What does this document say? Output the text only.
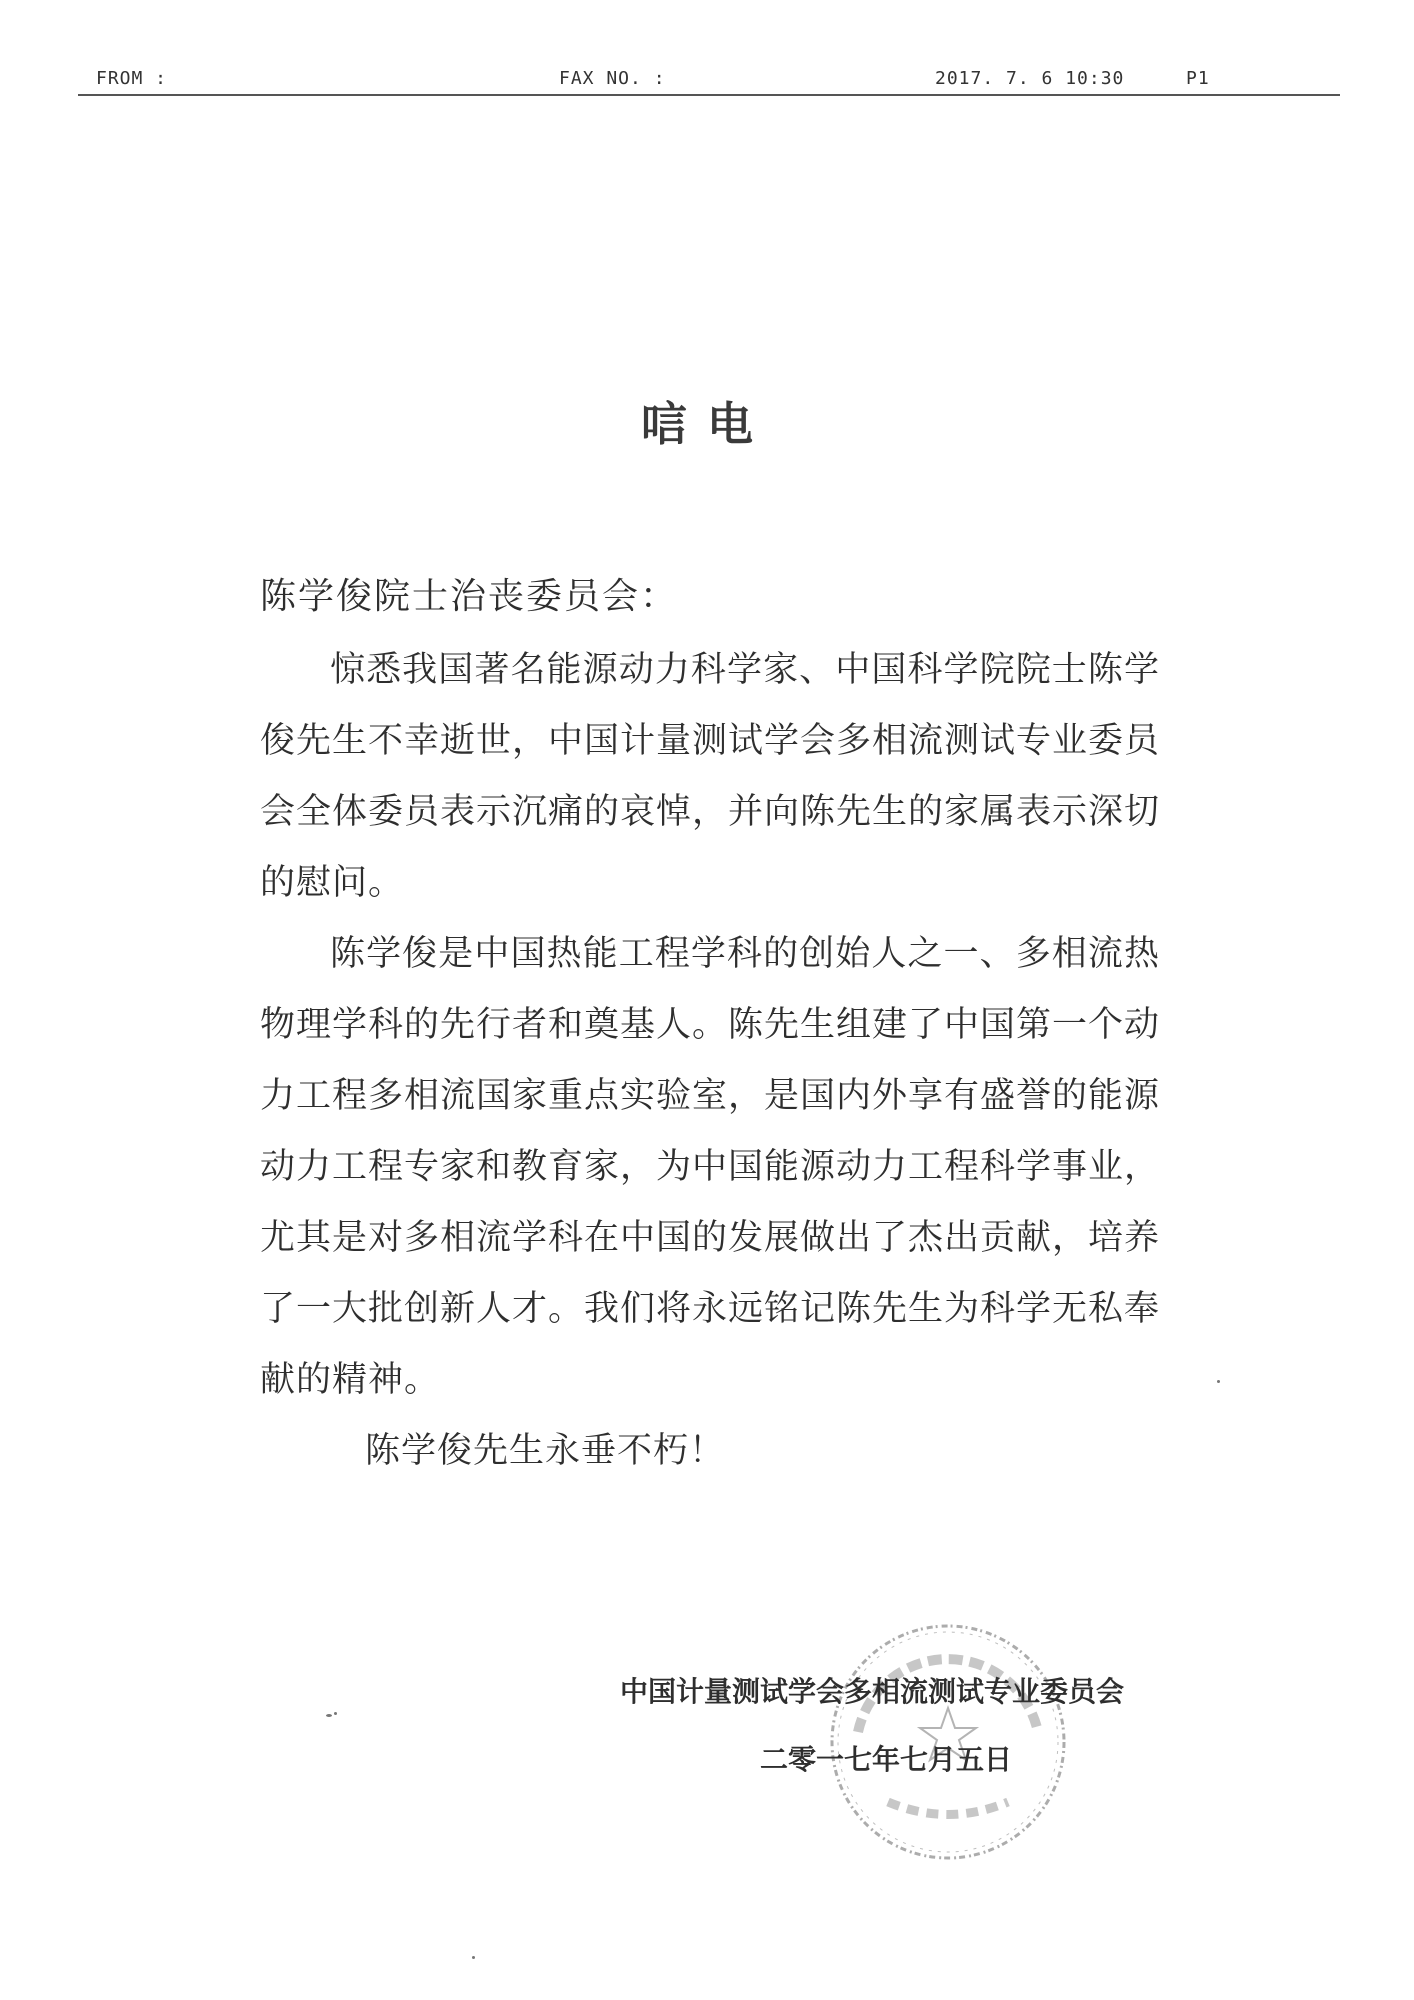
FROM :	FAX NO. :	2017. 7. 6 10:30	P1
唁电
陈学俊院士治丧委员会：

惊悉我国著名能源动力科学家、中国科学院院士陈学俊先生不幸逝世，中国计量测试学会多相流测试专业委员会全体委员表示沉痛的哀悼，并向陈先生的家属表示深切的慰问。

陈学俊是中国热能工程学科的创始人之一、多相流热物理学科的先行者和奠基人。陈先生组建了中国第一个动力工程多相流国家重点实验室，是国内外享有盛誉的能源动力工程专家和教育家，为中国能源动力工程科学事业，尤其是对多相流学科在中国的发展做出了杰出贡献，培养了一大批创新人才。我们将永远铭记陈先生为科学无私奉献的精神。

陈学俊先生永垂不朽！

中国计量测试学会多相流测试专业委员会
二零一七年七月五日
